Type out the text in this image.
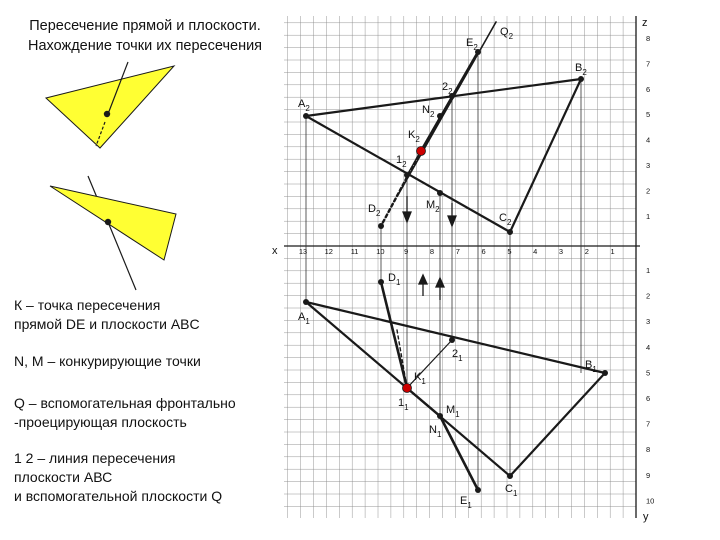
Пересечение прямой и плоскости.
Нахождение точки их пересечения
К – точка пересечения
прямой DE и плоскости ABC
N, M – конкурирующие точки
Q – вспомогательная фронтально
-проецирующая плоскость
1 2 – линия пересечения
плоскости АВС
и вспомогательной плоскости Q
x
z
y
13 12 11 10	9	8	7	6	5	4	3	2	1
8
7
6
5
4
3
2
1
1
2
3
4
5
6
7
8
9
10
$E_2$
$Q_2$
$B_2$
$2_2$
$A_2$	$N_2$
$K_2$
$1_2$
$D_2$
$M_2$
$C_2$
$D_1$
$A_1$
$2_1$
$B_1$
$K_1$
$1_1$	$M_1$
$N_1$
$C_1$
$E_1$
